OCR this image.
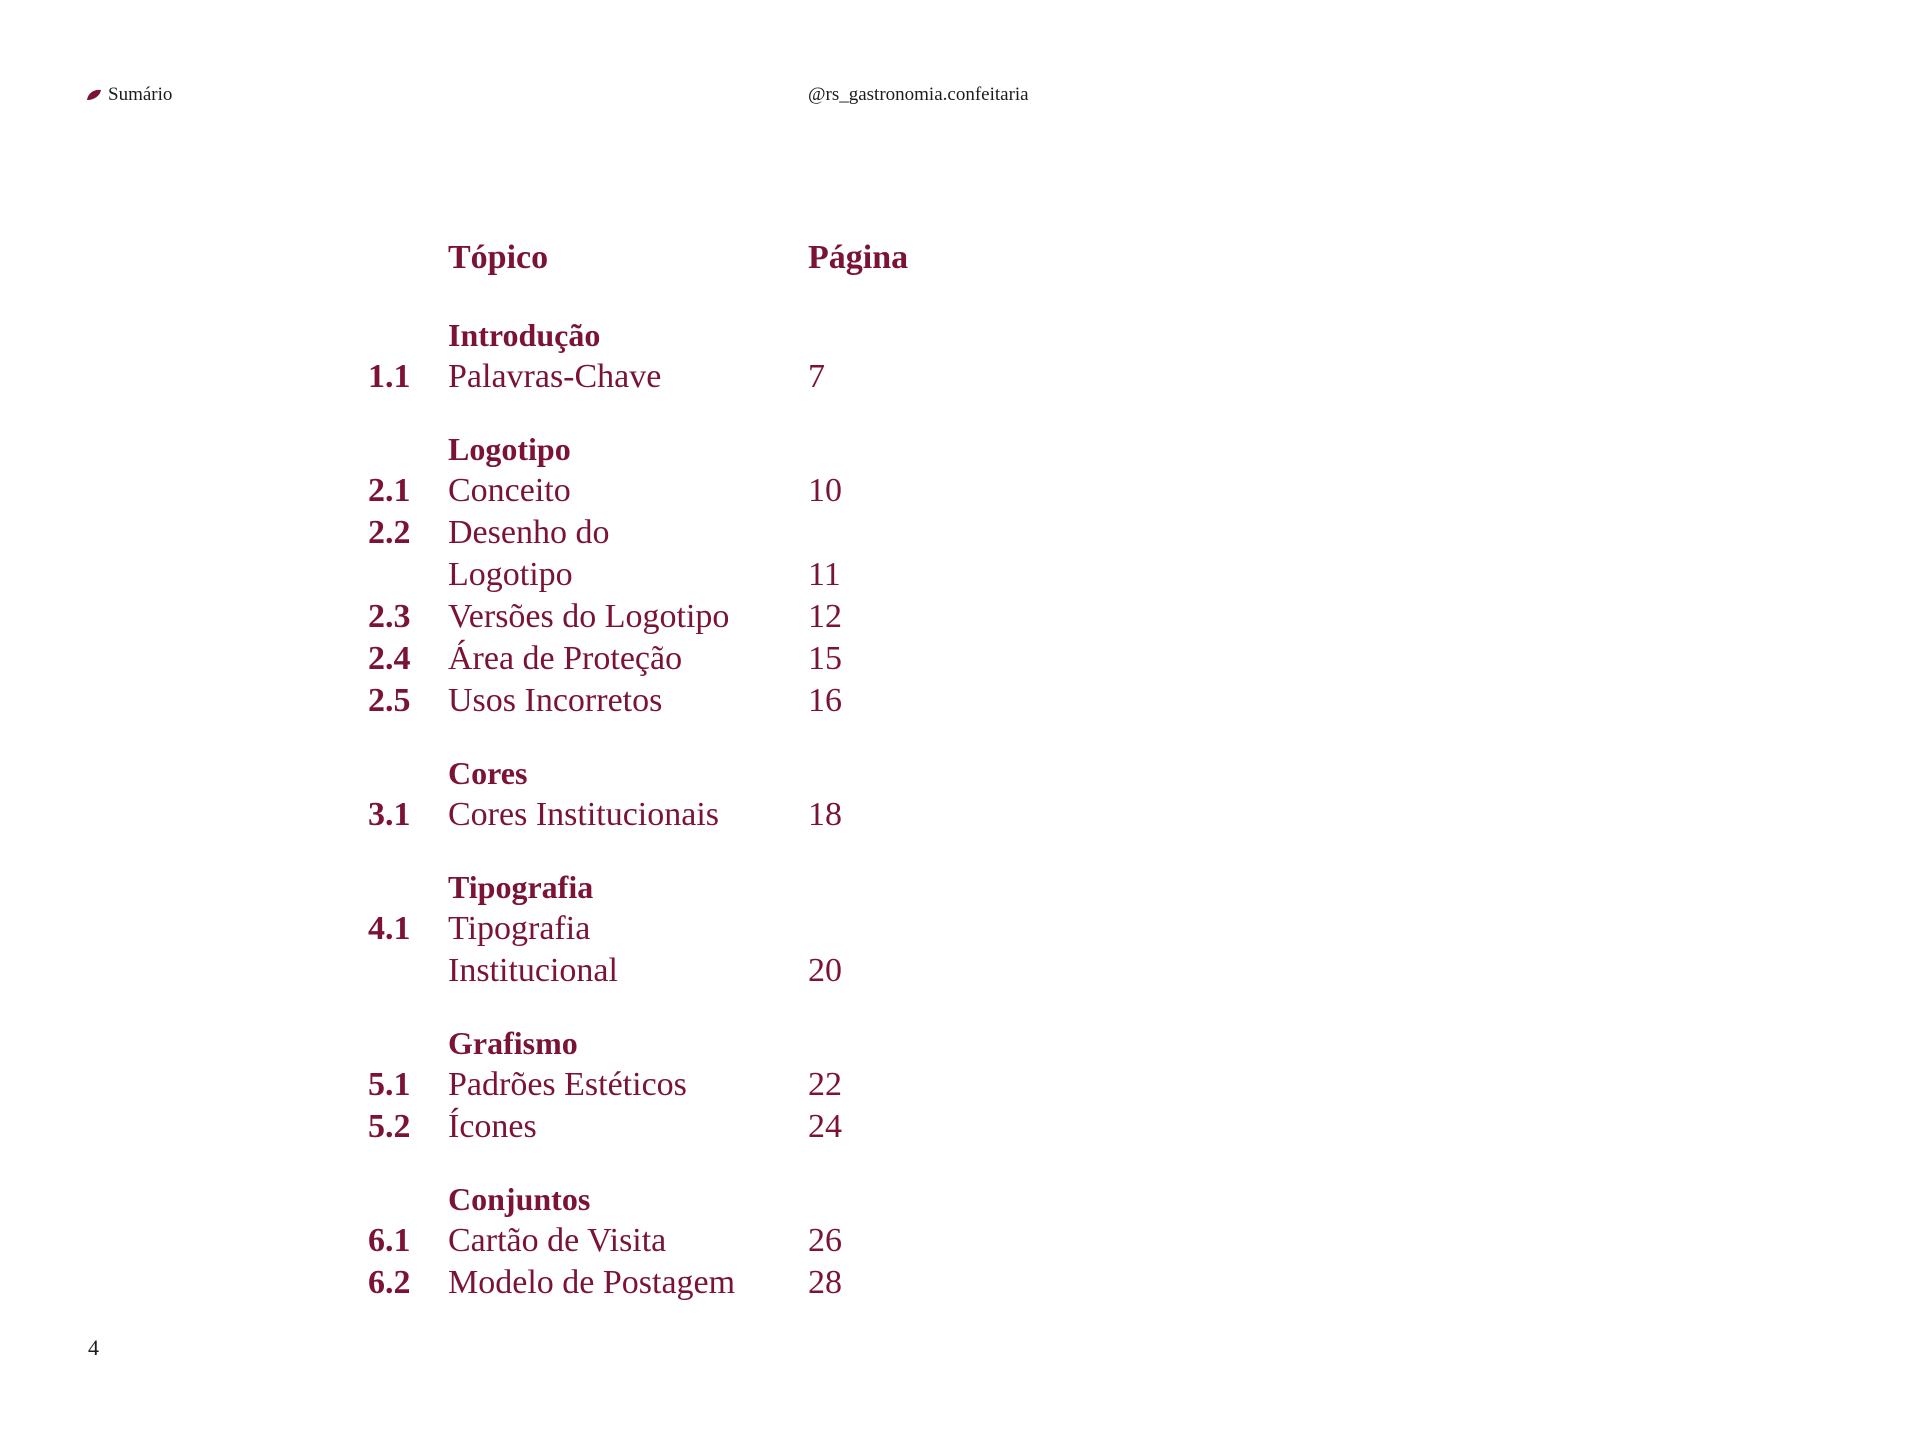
Sumário	@rs_gastronomia.confeitaria
4
Tópico	Página
Introdução
1.1	Palavras-Chave	7
Logotipo
2.1	Conceito	10
2.2	Desenho do
Logotipo	11
2.3	Versões do Logotipo	12
2.4	Área de Proteção	15
2.5	Usos Incorretos	16
Cores
3.1	Cores Institucionais	18
Tipografia
4.1	Tipografia
Institucional	20
Grafismo
5.1	Padrões Estéticos	22
5.2	Ícones	24
Conjuntos
6.1	Cartão de Visita	26
6.2	Modelo de Postagem	28
